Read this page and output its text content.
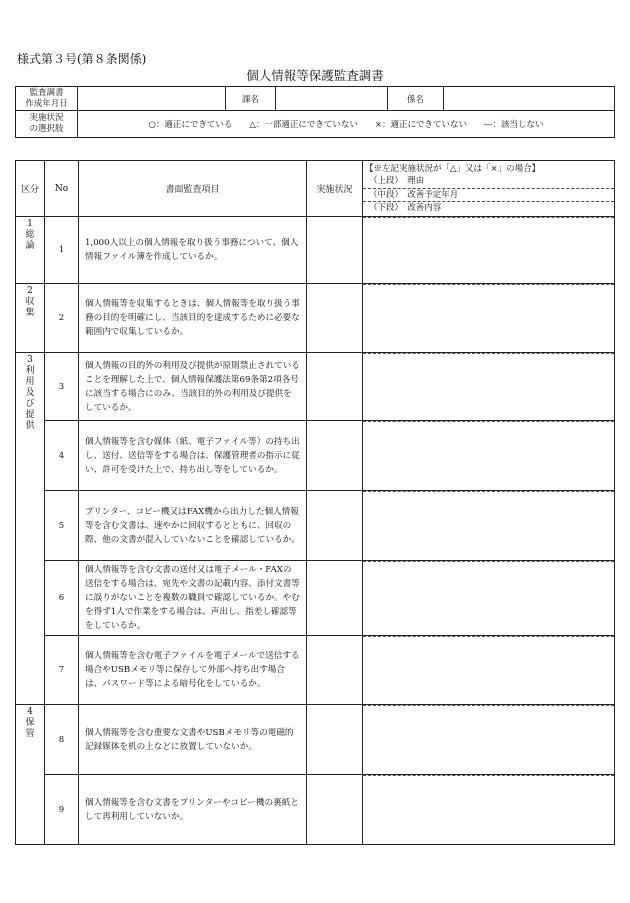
様式第３号(第８条関係)
個人情報等保護監査調書
監査調書
作成年月日		課名		係名	
実施状況
の選択肢	○：適正にできている　　△：一部適正にできていない　　×：適正にできていない　　―：該当しない				
区分	No	書面監査項目	実施状況	【※左記実施状況が「△」又は「×」の場合】
（上段）　理由
（中段）　改善予定年月
（下段）　改善内容

1
総論	1	1,000人以上の個人情報を取り扱う事務について、個人情報ファイル簿を作成しているか。		

2
収集	2	個人情報等を収集するときは、個人情報等を取り扱う事務の目的を明確にし、当該目的を達成するために必要な範囲内で収集しているか。		

3
利用及び提供	3	個人情報の目的外の利用及び提供が原則禁止されていることを理解した上で、個人情報保護法第69条第2項各号に該当する場合にのみ、当該目的外の利用及び提供をしているか。		

	4	個人情報等を含む媒体（紙、電子ファイル等）の持ち出し、送付、送信等をする場合は、保護管理者の指示に従い、許可を受けた上で、持ち出し等をしているか。		

	5	プリンター、コピー機又はFAX機から出力した個人情報等を含む文書は、速やかに回収するとともに、回収の際、他の文書が混入していないことを確認しているか。		

	6	個人情報等を含む文書の送付又は電子メール・FAXの送信をする場合は、宛先や文書の記載内容、添付文書等に誤りがないことを複数の職員で確認しているか。やむを得ず1人で作業をする場合は、声出し、指差し確認等をしているか。		

	7	個人情報等を含む電子ファイルを電子メールで送信する場合やUSBメモリ等に保存して外部へ持ち出す場合は、パスワード等による暗号化をしているか。		

4
保管	8	個人情報等を含む重要な文書やUSBメモリ等の電磁的記録媒体を机の上などに放置していないか。		

	9	個人情報等を含む文書をプリンターやコピー機の裏紙として再利用していないか。		
